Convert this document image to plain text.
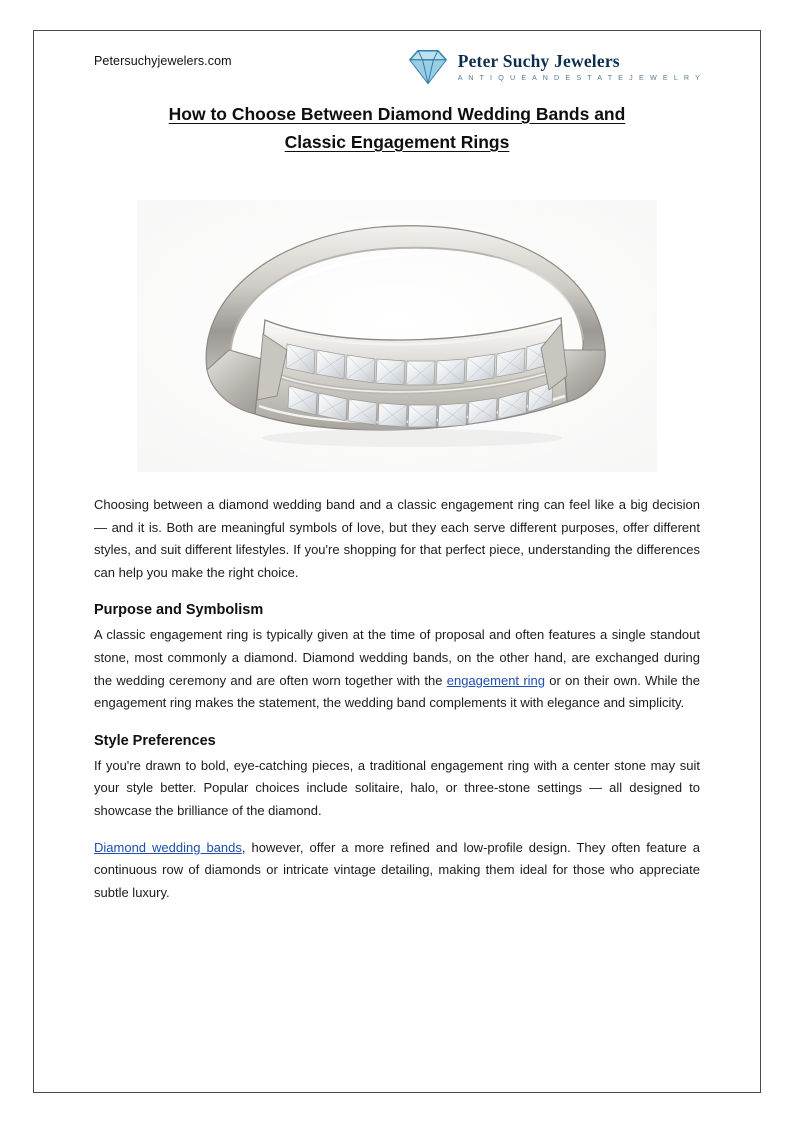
Petersuchyjewelers.com	Peter Suchy Jewelers
A N T I Q U E A N D E S T A T E J E W E L R Y
How to Choose Between Diamond Wedding Bands and
Classic Engagement Rings

Choosing between a diamond wedding band and a classic engagement ring can feel like a big decision — and it is. Both are meaningful symbols of love, but they each serve different purposes, offer different styles, and suit different lifestyles. If you're shopping for that perfect piece, understanding the differences can help you make the right choice.

Purpose and Symbolism

A classic engagement ring is typically given at the time of proposal and often features a single standout stone, most commonly a diamond. Diamond wedding bands, on the other hand, are exchanged during the wedding ceremony and are often worn together with the engagement ring or on their own. While the engagement ring makes the statement, the wedding band complements it with elegance and simplicity.

Style Preferences

If you're drawn to bold, eye-catching pieces, a traditional engagement ring with a center stone may suit your style better. Popular choices include solitaire, halo, or three-stone settings — all designed to showcase the brilliance of the diamond.

Diamond wedding bands, however, offer a more refined and low-profile design. They often feature a continuous row of diamonds or intricate vintage detailing, making them ideal for those who appreciate subtle luxury.
